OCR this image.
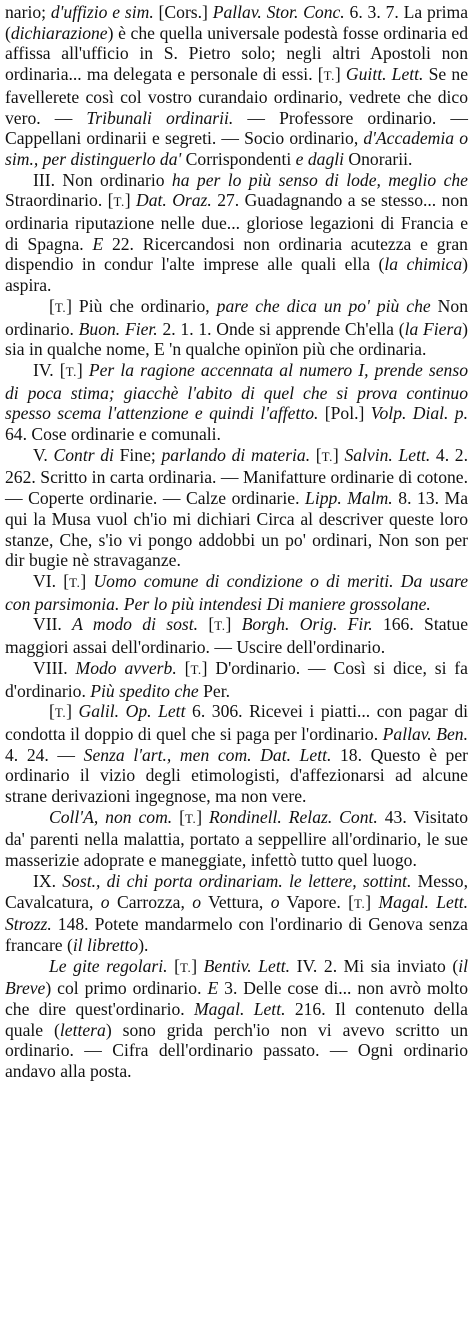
nario; d'uffizio e sim. [Cors.] Pallav. Stor. Conc. 6. 3. 7. La prima (dichiarazione) è che quella universale podestà fosse ordinaria ed affissa all'ufficio in S. Pietro solo; negli altri Apostoli non ordinaria... ma delegata e personale di essi. [T.] Guitt. Lett. Se ne favellerete così col vostro curandaio ordinario, vedrete che dico vero. — Tribunali ordinarii. — Professore ordinario. — Cappellani ordinarii e segreti. — Socio ordinario, d'Accademia o sim., per distinguerlo da' Corrispondenti e dagli Onorarii.

III. Non ordinario ha per lo più senso di lode, meglio che Straordinario. [T.] Dat. Oraz. 27. Guadagnando a se stesso... non ordinaria riputazione nelle due... gloriose legazioni di Francia e di Spagna. E 22. Ricercandosi non ordinaria acutezza e gran dispendio in condur l'alte imprese alle quali ella (la chimica) aspira.

[T.] Più che ordinario, pare che dica un po' più che Non ordinario. Buon. Fier. 2. 1. 1. Onde si apprende Ch'ella (la Fiera) sia in qualche nome, E 'n qualche opinïon più che ordinaria.

IV. [T.] Per la ragione accennata al numero I, prende senso di poca stima; giacchè l'abito di quel che si prova continuo spesso scema l'attenzione e quindi l'affetto. [Pol.] Volp. Dial. p. 64. Cose ordinarie e comunali.

V. Contr di Fine; parlando di materia. [T.] Salvin. Lett. 4. 2. 262. Scritto in carta ordinaria. — Manifatture ordinarie di cotone. — Coperte ordinarie. — Calze ordinarie. Lipp. Malm. 8. 13. Ma qui la Musa vuol ch'io mi dichiari Circa al descriver queste loro stanze, Che, s'io vi pongo addobbi un po' ordinari, Non son per dir bugie nè stravaganze.

VI. [T.] Uomo comune di condizione o di meriti. Da usare con parsimonia. Per lo più intendesi Di maniere grossolane.

VII. A modo di sost. [T.] Borgh. Orig. Fir. 166. Statue maggiori assai dell'ordinario. — Uscire dell'ordinario.

VIII. Modo avverb. [T.] D'ordinario. — Così si dice, si fa d'ordinario. Più spedito che Per.

[T.] Galil. Op. Lett 6. 306. Ricevei i piatti... con pagar di condotta il doppio di quel che si paga per l'ordinario. Pallav. Ben. 4. 24. — Senza l'art., men com. Dat. Lett. 18. Questo è per ordinario il vizio degli etimologisti, d'affezionarsi ad alcune strane derivazioni ingegnose, ma non vere.

Coll'A, non com. [T.] Rondinell. Relaz. Cont. 43. Visitato da' parenti nella malattia, portato a seppellire all'ordinario, le sue masserizie adoprate e maneggiate, infettò tutto quel luogo.

IX. Sost., di chi porta ordinariam. le lettere, sottint. Messo, Cavalcatura, o Carrozza, o Vettura, o Vapore. [T.] Magal. Lett. Strozz. 148. Potete mandarmelo con l'ordinario di Genova senza francare (il libretto).

Le gite regolari. [T.] Bentiv. Lett. IV. 2. Mi sia inviato (il Breve) col primo ordinario. E 3. Delle cose di... non avrò molto che dire quest'ordinario. Magal. Lett. 216. Il contenuto della quale (lettera) sono grida perch'io non vi avevo scritto un ordinario. — Cifra dell'ordinario passato. — Ogni ordinario andavo alla posta.
